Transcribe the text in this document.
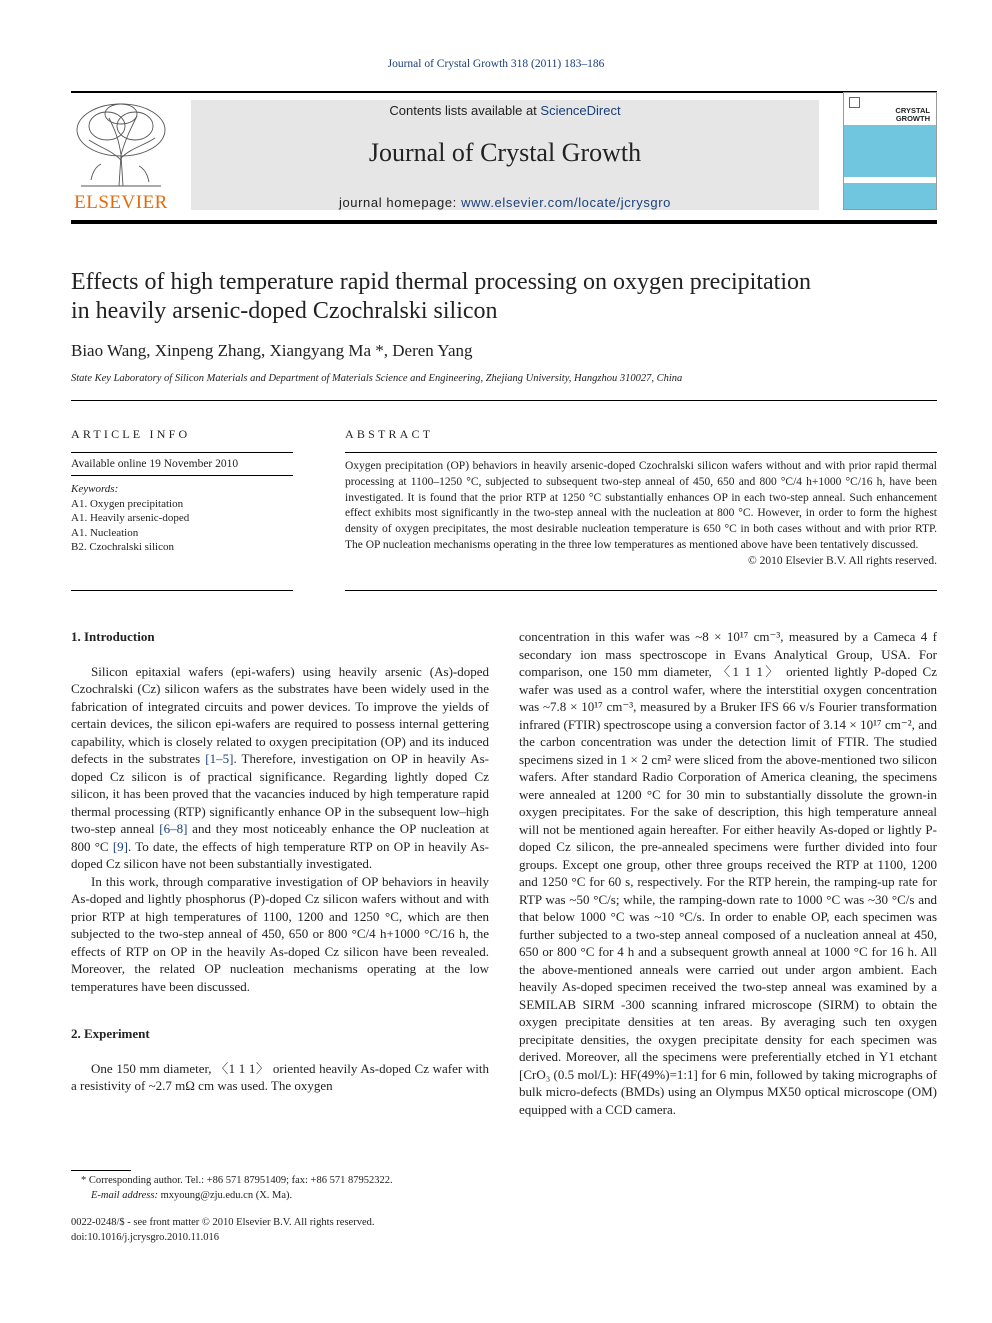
Journal of Crystal Growth 318 (2011) 183–186
ELSEVIER
Contents lists available at ScienceDirect
Journal of Crystal Growth
journal homepage: www.elsevier.com/locate/jcrysgro
CRYSTAL
GROWTH
Effects of high temperature rapid thermal processing on oxygen precipitation
in heavily arsenic-doped Czochralski silicon
Biao Wang, Xinpeng Zhang, Xiangyang Ma *, Deren Yang
State Key Laboratory of Silicon Materials and Department of Materials Science and Engineering, Zhejiang University, Hangzhou 310027, China
ARTICLE INFO	ABSTRACT
Available online 19 November 2010
Keywords:
A1. Oxygen precipitation
A1. Heavily arsenic-doped
A1. Nucleation
B2. Czochralski silicon
Oxygen precipitation (OP) behaviors in heavily arsenic-doped Czochralski silicon wafers without and with prior rapid thermal processing at 1100–1250 °C, subjected to subsequent two-step anneal of 450, 650 and 800 °C/4 h+1000 °C/16 h, have been investigated. It is found that the prior RTP at 1250 °C substantially enhances OP in each two-step anneal. Such enhancement effect exhibits most significantly in the two-step anneal with the nucleation at 800 °C. However, in order to form the highest density of oxygen precipitates, the most desirable nucleation temperature is 650 °C in both cases without and with prior RTP. The OP nucleation mechanisms operating in the three low temperatures as mentioned above have been tentatively discussed.
© 2010 Elsevier B.V. All rights reserved.
1. Introduction

Silicon epitaxial wafers (epi-wafers) using heavily arsenic (As)-doped Czochralski (Cz) silicon wafers as the substrates have been widely used in the fabrication of integrated circuits and power devices. To improve the yields of certain devices, the silicon epi-wafers are required to possess internal gettering capability, which is closely related to oxygen precipitation (OP) and its induced defects in the substrates [1–5]. Therefore, investigation on OP in heavily As-doped Cz silicon is of practical significance. Regarding lightly doped Cz silicon, it has been proved that the vacancies induced by high temperature rapid thermal processing (RTP) significantly enhance OP in the subsequent low–high two-step anneal [6–8] and they most noticeably enhance the OP nucleation at 800 °C [9]. To date, the effects of high temperature RTP on OP in heavily As-doped Cz silicon have not been substantially investigated.

In this work, through comparative investigation of OP behaviors in heavily As-doped and lightly phosphorus (P)-doped Cz silicon wafers without and with prior RTP at high temperatures of 1100, 1200 and 1250 °C, which are then subjected to the two-step anneal of 450, 650 or 800 °C/4 h+1000 °C/16 h, the effects of RTP on OP in the heavily As-doped Cz silicon have been revealed. Moreover, the related OP nucleation mechanisms operating at the low temperatures have been discussed.

2. Experiment

One 150 mm diameter, 〈1 1 1〉 oriented heavily As-doped Cz wafer with a resistivity of ~2.7 mΩ cm was used. The oxygen

concentration in this wafer was ~8 × 10¹⁷ cm⁻³, measured by a Cameca 4 f secondary ion mass spectroscope in Evans Analytical Group, USA. For comparison, one 150 mm diameter, 〈1 1 1〉 oriented lightly P-doped Cz wafer was used as a control wafer, where the interstitial oxygen concentration was ~7.8 × 10¹⁷ cm⁻³, measured by a Bruker IFS 66 v/s Fourier transformation infrared (FTIR) spectroscope using a conversion factor of 3.14 × 10¹⁷ cm⁻², and the carbon concentration was under the detection limit of FTIR. The studied specimens sized in 1 × 2 cm² were sliced from the above-mentioned two silicon wafers. After standard Radio Corporation of America cleaning, the specimens were annealed at 1200 °C for 30 min to substantially dissolute the grown-in oxygen precipitates. For the sake of description, this high temperature anneal will not be mentioned again hereafter. For either heavily As-doped or lightly P-doped Cz silicon, the pre-annealed specimens were further divided into four groups. Except one group, other three groups received the RTP at 1100, 1200 and 1250 °C for 60 s, respectively. For the RTP herein, the ramping-up rate for RTP was ~50 °C/s; while, the ramping-down rate to 1000 °C was ~30 °C/s and that below 1000 °C was ~10 °C/s. In order to enable OP, each specimen was further subjected to a two-step anneal composed of a nucleation anneal at 450, 650 or 800 °C for 4 h and a subsequent growth anneal at 1000 °C for 16 h. All the above-mentioned anneals were carried out under argon ambient. Each heavily As-doped specimen received the two-step anneal was examined by a SEMILAB SIRM -300 scanning infrared microscope (SIRM) to obtain the oxygen precipitate densities at ten areas. By averaging such ten oxygen precipitate densities, the oxygen precipitate density for each specimen was derived. Moreover, all the specimens were preferentially etched in Y1 etchant [CrO₃ (0.5 mol/L): HF(49%)=1:1] for 6 min, followed by taking micrographs of bulk micro-defects (BMDs) using an Olympus MX50 optical microscope (OM) equipped with a CCD camera.

* Corresponding author. Tel.: +86 571 87951409; fax: +86 571 87952322.
E-mail address: mxyoung@zju.edu.cn (X. Ma).
0022-0248/$ - see front matter © 2010 Elsevier B.V. All rights reserved.
doi:10.1016/j.jcrysgro.2010.11.016
